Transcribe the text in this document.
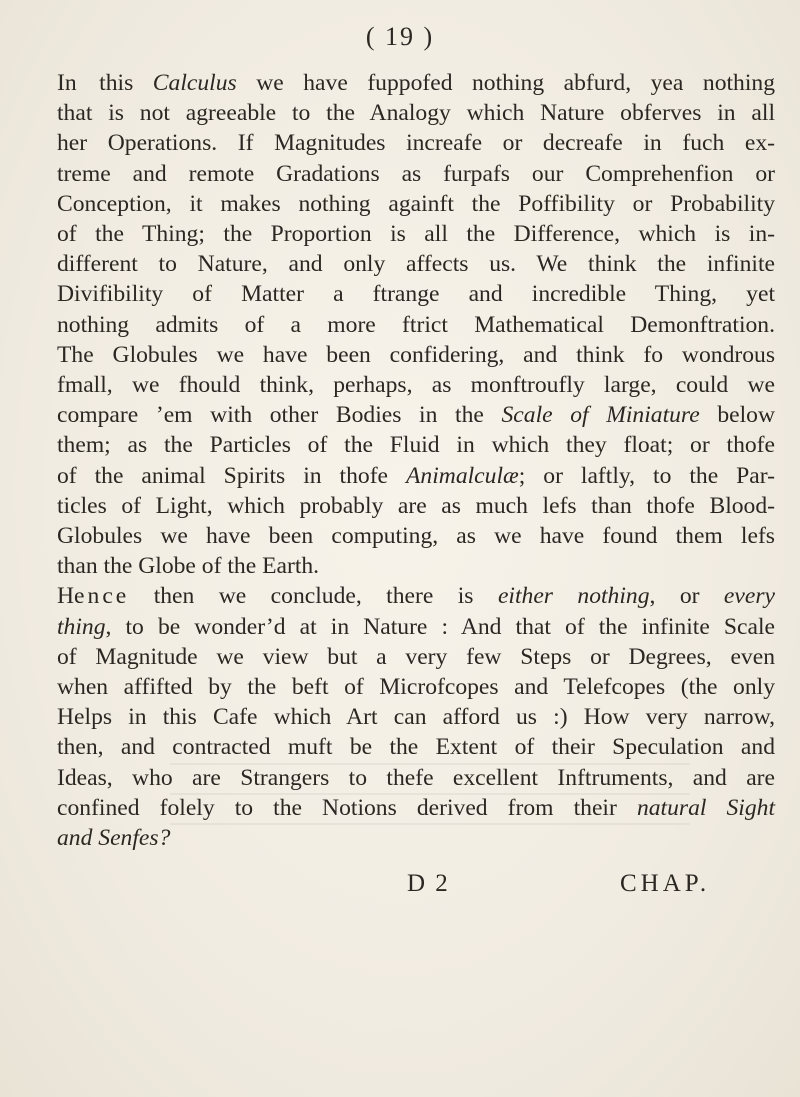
( 19 )
In this Calculus we have fuppofed nothing abfurd, yea nothing
that is not agreeable to the Analogy which Nature obferves in all
her Operations. If Magnitudes increafe or decreafe in fuch ex-
treme and remote Gradations as furpafs our Comprehenfion or
Conception, it makes nothing againft the Poffibility or Probability
of the Thing; the Proportion is all the Difference, which is in-
different to Nature, and only affects us. We think the infinite
Divifibility of Matter a ftrange and incredible Thing, yet
nothing admits of a more ftrict Mathematical Demonftration.
The Globules we have been confidering, and think fo wondrous
fmall, we fhould think, perhaps, as monftroufly large, could we
compare ’em with other Bodies in the Scale of Miniature below
them; as the Particles of the Fluid in which they float; or thofe
of the animal Spirits in thofe Animalculæ; or laftly, to the Par-
ticles of Light, which probably are as much lefs than thofe Blood-
Globules we have been computing, as we have found them lefs
than the Globe of the Earth.
Hence then we conclude, there is either nothing, or every
thing, to be wonder’d at in Nature : And that of the infinite Scale
of Magnitude we view but a very few Steps or Degrees, even
when affifted by the beft of Microfcopes and Telefcopes (the only
Helps in this Cafe which Art can afford us :) How very narrow,
then, and contracted muft be the Extent of their Speculation and
Ideas, who are Strangers to thefe excellent Inftruments, and are
confined folely to the Notions derived from their natural Sight
and Senfes?
D 2	CHAP.
